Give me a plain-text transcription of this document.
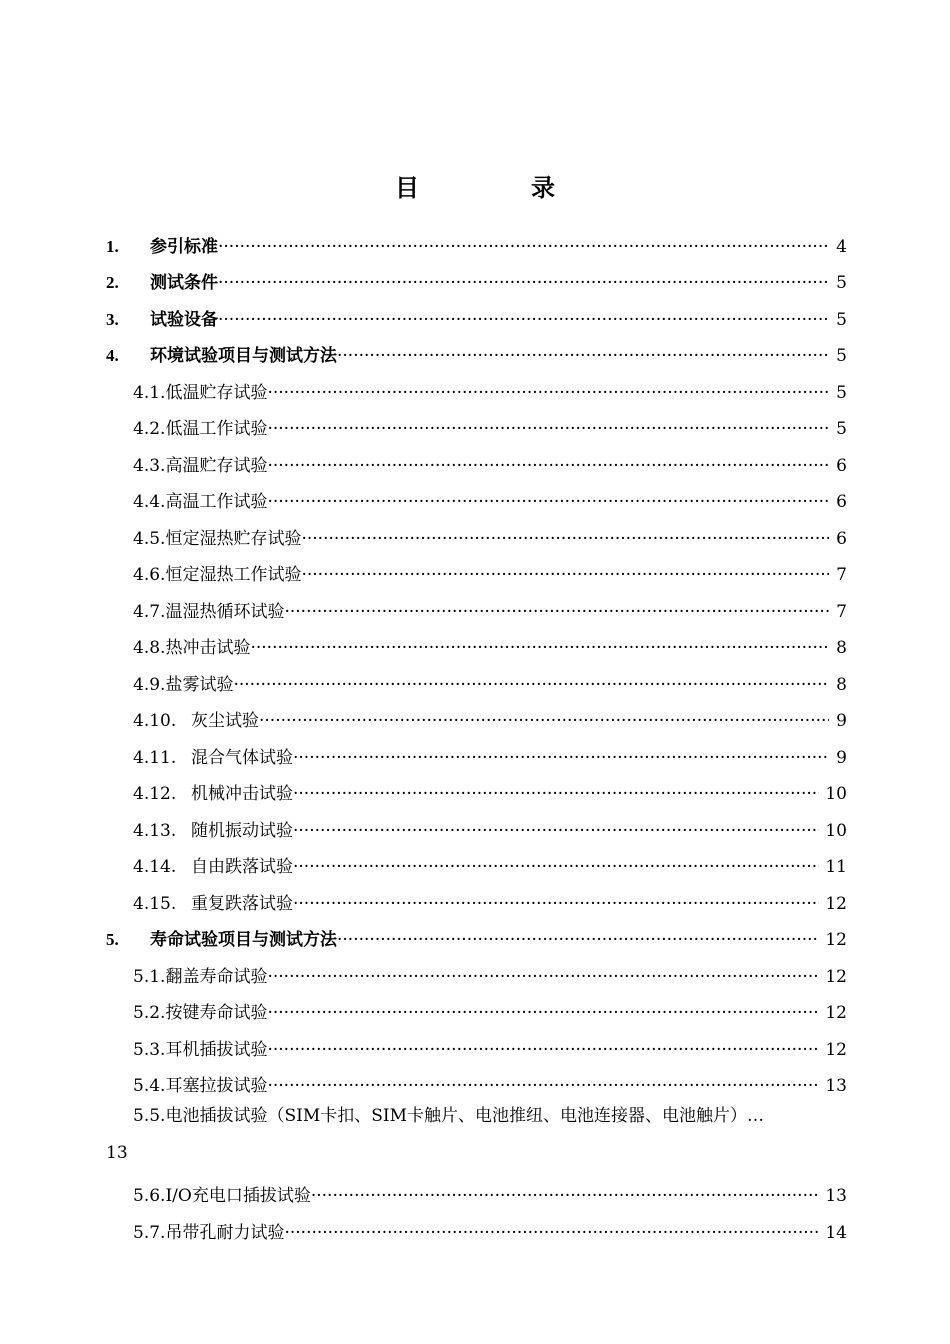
目　录
1.	参引标准 ·····	4
2.	测试条件 ·····	5
3.	试验设备 ·····	5
4.	环境试验项目与测试方法 ·····	5
4.1. 低温贮存试验 ·····	5
4.2. 低温工作试验 ·····	5
4.3. 高温贮存试验 ·····	6
4.4. 高温工作试验 ·····	6
4.5. 恒定湿热贮存试验 ·····	6
4.6. 恒定湿热工作试验 ·····	7
4.7. 温湿热循环试验 ·····	7
4.8. 热冲击试验 ·····	8
4.9. 盐雾试验 ·····	8
4.10. 灰尘试验 ·····	9
4.11. 混合气体试验 ·····	9
4.12. 机械冲击试验 ·····	10
4.13. 随机振动试验 ·····	10
4.14. 自由跌落试验 ·····	11
4.15. 重复跌落试验 ·····	12
5.	寿命试验项目与测试方法 ·····	12
5.1. 翻盖寿命试验 ·····	12
5.2. 按键寿命试验 ·····	12
5.3. 耳机插拔试验 ·····	12
5.4. 耳塞拉拔试验 ·····	13
5.5.电池插拔试验（SIM卡扣、SIM卡触片、电池推纽、电池连接器、电池触片）…
13
5.6. I/O充电口插拔试验 ·····	13
5.7. 吊带孔耐力试验 ·····	14
